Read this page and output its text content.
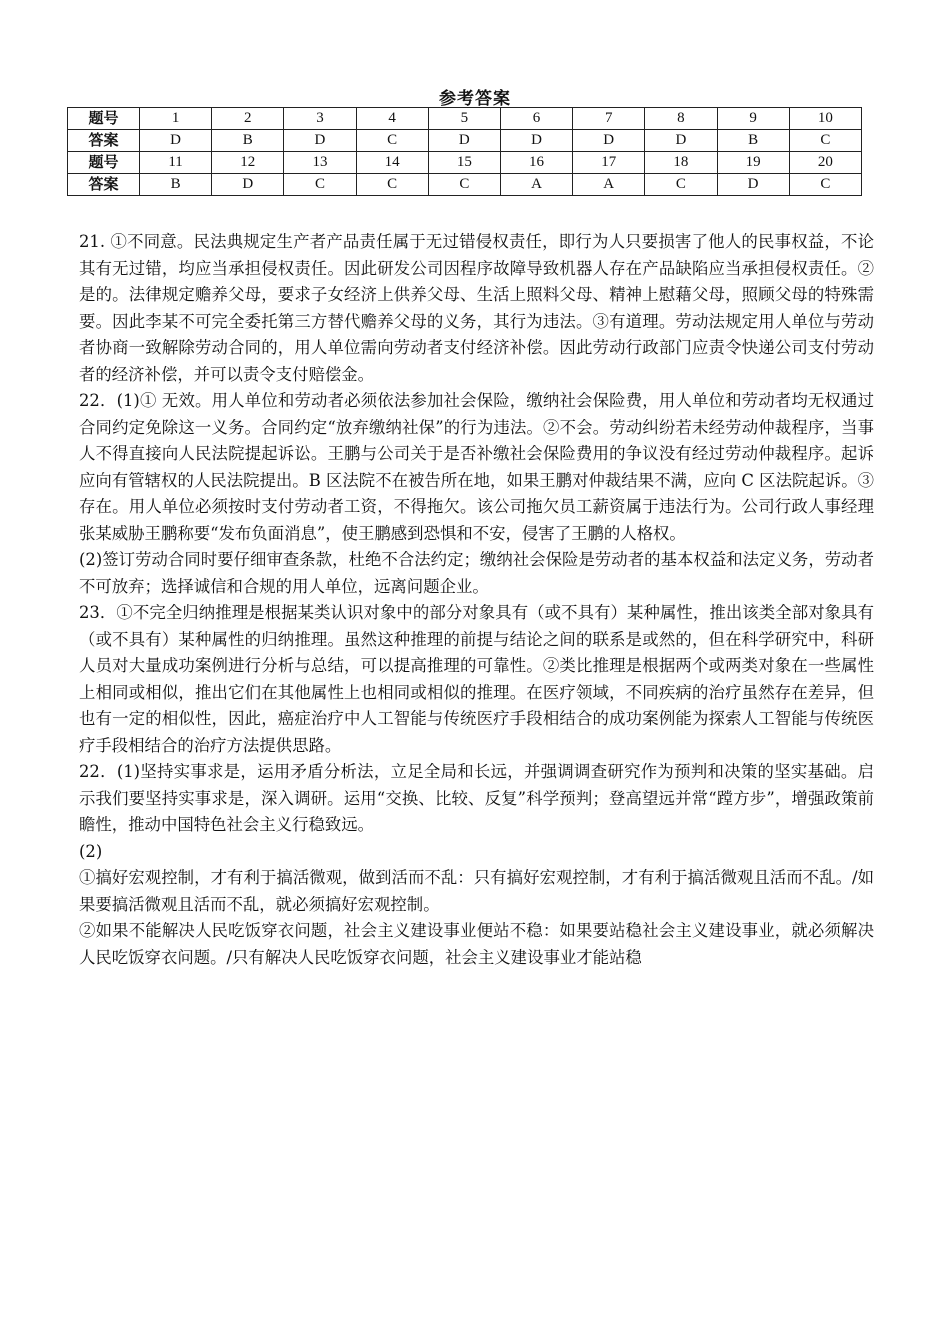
参考答案
题号	1	2	3	4	5	6	7	8	9	10
答案	D	B	D	C	D	D	D	D	B	C
题号	11	12	13	14	15	16	17	18	19	20
答案	B	D	C	C	C	A	A	C	D	C

21. ①不同意。民法典规定生产者产品责任属于无过错侵权责任，即行为人只要损害了他人的民事权益，不论其有无过错，均应当承担侵权责任。因此研发公司因程序故障导致机器人存在产品缺陷应当承担侵权责任。②是的。法律规定赡养父母，要求子女经济上供养父母、生活上照料父母、精神上慰藉父母，照顾父母的特殊需要。因此李某不可完全委托第三方替代赡养父母的义务，其行为违法。③有道理。劳动法规定用人单位与劳动者协商一致解除劳动合同的，用人单位需向劳动者支付经济补偿。因此劳动行政部门应责令快递公司支付劳动者的经济补偿，并可以责令支付赔偿金。

22．(1)① 无效。用人单位和劳动者必须依法参加社会保险，缴纳社会保险费，用人单位和劳动者均无权通过合同约定免除这一义务。合同约定“放弃缴纳社保”的行为违法。②不会。劳动纠纷若未经劳动仲裁程序，当事人不得直接向人民法院提起诉讼。王鹏与公司关于是否补缴社会保险费用的争议没有经过劳动仲裁程序。起诉应向有管辖权的人民法院提出。B 区法院不在被告所在地，如果王鹏对仲裁结果不满，应向 C 区法院起诉。③存在。用人单位必须按时支付劳动者工资，不得拖欠。该公司拖欠员工薪资属于违法行为。公司行政人事经理张某威胁王鹏称要“发布负面消息”，使王鹏感到恐惧和不安，侵害了王鹏的人格权。

(2)签订劳动合同时要仔细审查条款，杜绝不合法约定；缴纳社会保险是劳动者的基本权益和法定义务，劳动者不可放弃；选择诚信和合规的用人单位，远离问题企业。

23．①不完全归纳推理是根据某类认识对象中的部分对象具有（或不具有）某种属性，推出该类全部对象具有（或不具有）某种属性的归纳推理。虽然这种推理的前提与结论之间的联系是或然的，但在科学研究中，科研人员对大量成功案例进行分析与总结，可以提高推理的可靠性。②类比推理是根据两个或两类对象在一些属性上相同或相似，推出它们在其他属性上也相同或相似的推理。在医疗领域，不同疾病的治疗虽然存在差异，但也有一定的相似性，因此，癌症治疗中人工智能与传统医疗手段相结合的成功案例能为探索人工智能与传统医疗手段相结合的治疗方法提供思路。

22．(1)坚持实事求是，运用矛盾分析法，立足全局和长远，并强调调查研究作为预判和决策的坚实基础。启示我们要坚持实事求是，深入调研。运用“交换、比较、反复”科学预判；登高望远并常“蹚方步”，增强政策前瞻性，推动中国特色社会主义行稳致远。

(2)

①搞好宏观控制，才有利于搞活微观，做到活而不乱：只有搞好宏观控制，才有利于搞活微观且活而不乱。/如果要搞活微观且活而不乱，就必须搞好宏观控制。

②如果不能解决人民吃饭穿衣问题，社会主义建设事业便站不稳：如果要站稳社会主义建设事业，就必须解决人民吃饭穿衣问题。/只有解决人民吃饭穿衣问题，社会主义建设事业才能站稳
